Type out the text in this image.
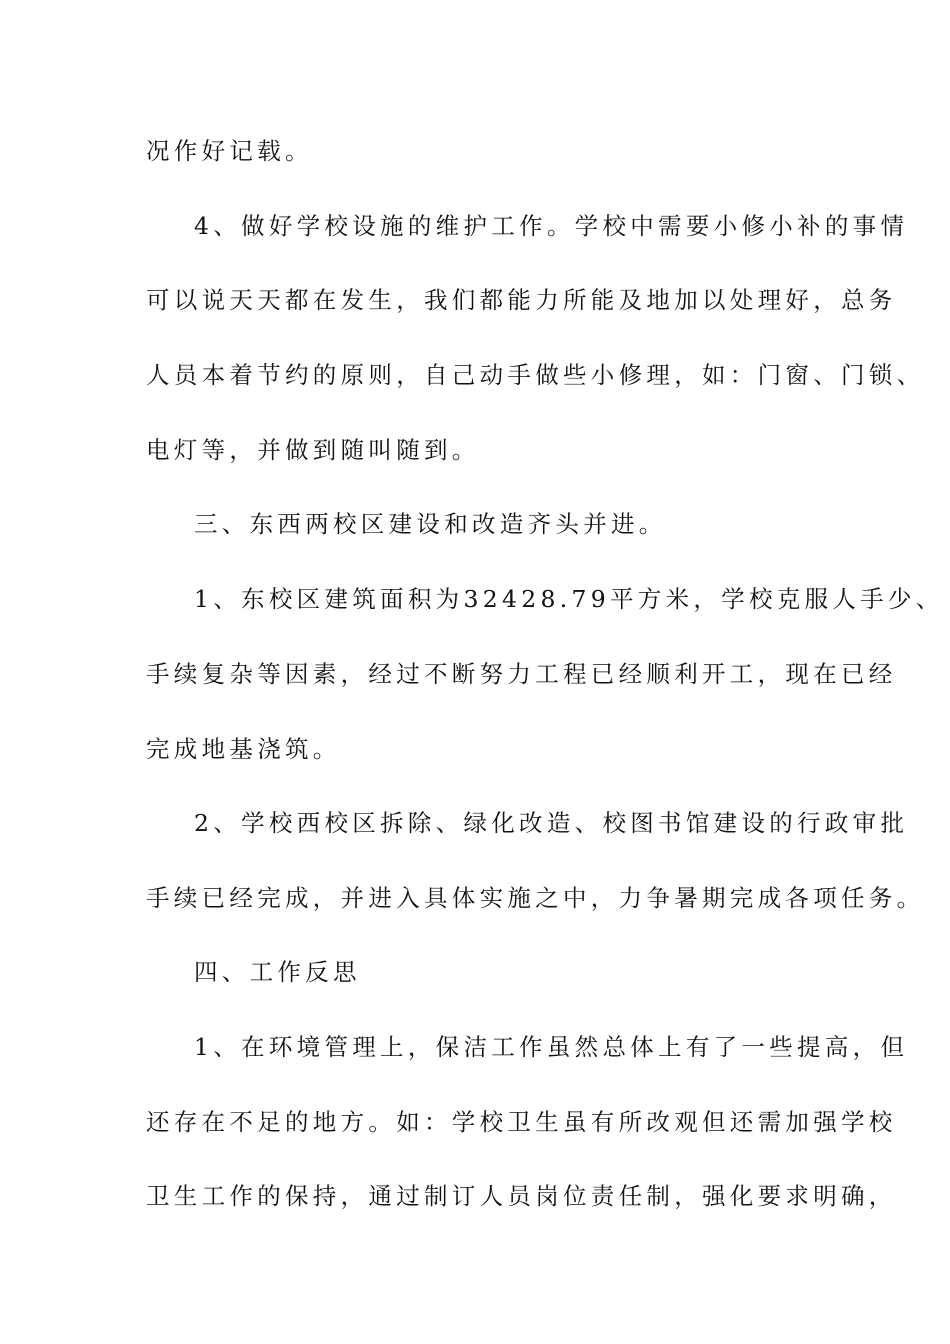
况作好记载。
4、做好学校设施的维护工作。学校中需要小修小补的事情
可以说天天都在发生，我们都能力所能及地加以处理好，总务
人员本着节约的原则，自己动手做些小修理，如：门窗、门锁、
电灯等，并做到随叫随到。
三、东西两校区建设和改造齐头并进。
1、东校区建筑面积为32428.79平方米，学校克服人手少、
手续复杂等因素，经过不断努力工程已经顺利开工，现在已经
完成地基浇筑。
2、学校西校区拆除、绿化改造、校图书馆建设的行政审批
手续已经完成，并进入具体实施之中，力争暑期完成各项任务。
四、工作反思
1、在环境管理上，保洁工作虽然总体上有了一些提高，但
还存在不足的地方。如：学校卫生虽有所改观但还需加强学校
卫生工作的保持，通过制订人员岗位责任制，强化要求明确，
